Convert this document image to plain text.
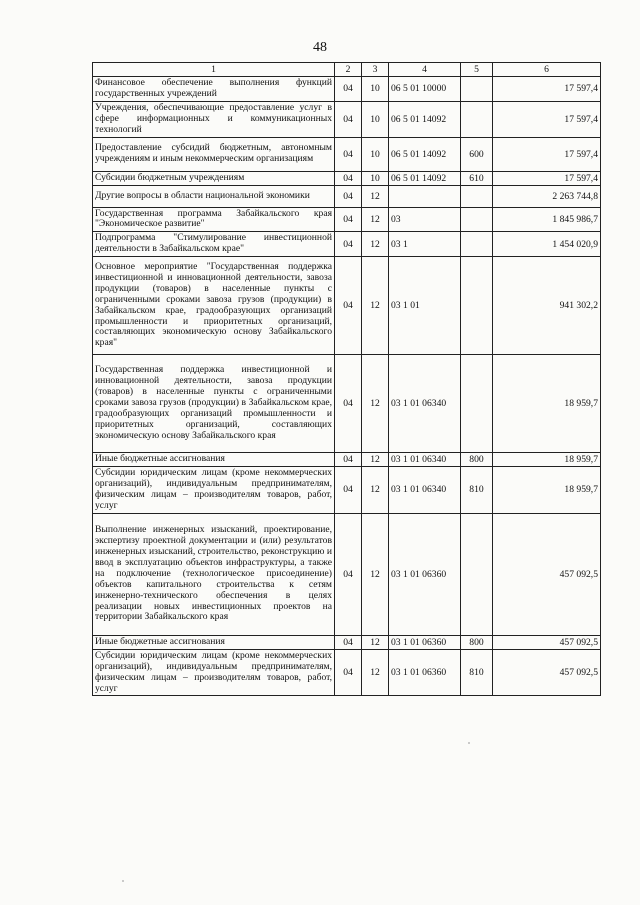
48
1	2	3	4	5	6
Финансовое обеспечение выполнения функций государственных учреждений	04	10	06 5 01 10000		17 597,4
Учреждения, обеспечивающие предоставление услуг в сфере информационных и коммуникационных технологий	04	10	06 5 01 14092		17 597,4
Предоставление субсидий бюджетным, автономным учреждениям и иным некоммерческим организациям	04	10	06 5 01 14092	600	17 597,4
Субсидии бюджетным учреждениям	04	10	06 5 01 14092	610	17 597,4
Другие вопросы в области национальной экономики	04	12			2 263 744,8
Государственная программа Забайкальского края "Экономическое развитие"	04	12	03		1 845 986,7
Подпрограмма "Стимулирование инвестиционной деятельности в Забайкальском крае"	04	12	03 1		1 454 020,9
Основное мероприятие "Государственная поддержка инвестиционной и инновационной деятельности, завоза продукции (товаров) в населенные пункты с ограниченными сроками завоза грузов (продукции) в Забайкальском крае, градообразующих организаций промышленности и приоритетных организаций, составляющих экономическую основу Забайкальского края"	04	12	03 1 01		941 302,2
Государственная поддержка инвестиционной и инновационной деятельности, завоза продукции (товаров) в населенные пункты с ограниченными сроками завоза грузов (продукции) в Забайкальском крае, градообразующих организаций промышленности и приоритетных организаций, составляющих экономическую основу Забайкальского края	04	12	03 1 01 06340		18 959,7
Иные бюджетные ассигнования	04	12	03 1 01 06340	800	18 959,7
Субсидии юридическим лицам (кроме некоммерческих организаций), индивидуальным предпринимателям, физическим лицам – производителям товаров, работ, услуг	04	12	03 1 01 06340	810	18 959,7
Выполнение инженерных изысканий, проектирование, экспертизу проектной документации и (или) результатов инженерных изысканий, строительство, реконструкцию и ввод в эксплуатацию объектов инфраструктуры, а также на подключение (технологическое присоединение) объектов капитального строительства к сетям инженерно-технического обеспечения в целях реализации новых инвестиционных проектов на территории Забайкальского края	04	12	03 1 01 06360		457 092,5
Иные бюджетные ассигнования	04	12	03 1 01 06360	800	457 092,5
Субсидии юридическим лицам (кроме некоммерческих организаций), индивидуальным предпринимателям, физическим лицам – производителям товаров, работ, услуг	04	12	03 1 01 06360	810	457 092,5
